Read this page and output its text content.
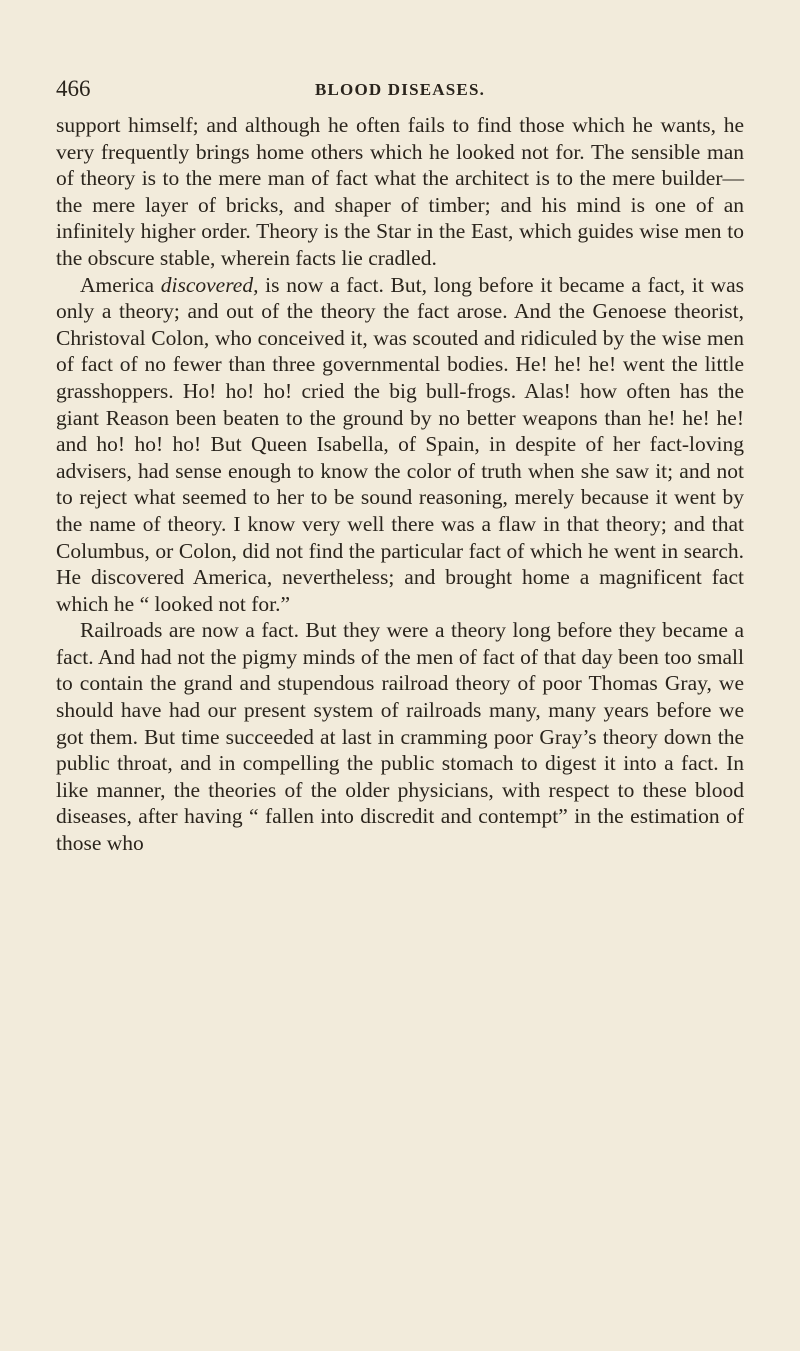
466	BLOOD DISEASES.

support himself; and although he often fails to find those which he wants, he very frequently brings home others which he looked not for. The sensible man of theory is to the mere man of fact what the architect is to the mere builder—the mere layer of bricks, and shaper of timber; and his mind is one of an infinitely higher order. Theory is the Star in the East, which guides wise men to the obscure stable, wherein facts lie cradled.

America discovered, is now a fact. But, long before it became a fact, it was only a theory; and out of the theory the fact arose. And the Genoese theorist, Christoval Colon, who conceived it, was scouted and ridiculed by the wise men of fact of no fewer than three governmental bodies. He! he! he! went the little grasshoppers. Ho! ho! ho! cried the big bull-frogs. Alas! how often has the giant Reason been beaten to the ground by no better weapons than he! he! he! and ho! ho! ho! But Queen Isabella, of Spain, in despite of her fact-loving advisers, had sense enough to know the color of truth when she saw it; and not to reject what seemed to her to be sound reasoning, merely because it went by the name of theory. I know very well there was a flaw in that theory; and that Columbus, or Colon, did not find the particular fact of which he went in search. He discovered America, nevertheless; and brought home a magnificent fact which he “ looked not for.”

Railroads are now a fact. But they were a theory long before they became a fact. And had not the pigmy minds of the men of fact of that day been too small to contain the grand and stupendous railroad theory of poor Thomas Gray, we should have had our present system of railroads many, many years before we got them. But time succeeded at last in cramming poor Gray’s theory down the public throat, and in compelling the public stomach to digest it into a fact. In like manner, the theories of the older physicians, with respect to these blood diseases, after having “ fallen into discredit and contempt” in the estimation of those who
